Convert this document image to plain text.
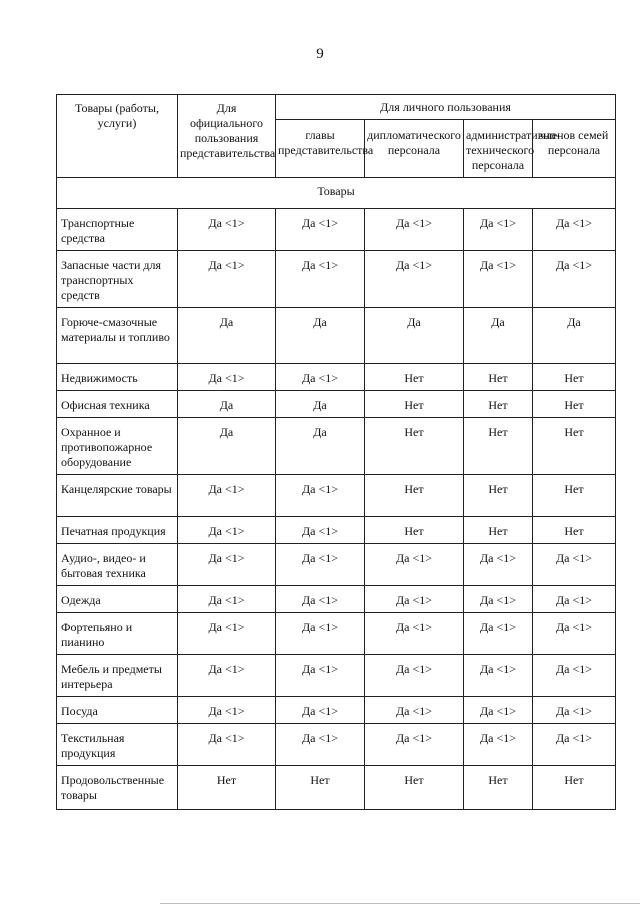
9
Товары (работы, услуги)	Для официального пользования представительства	Для личного пользования			
		главы представительства	дипломатического персонала	административно-технического персонала	членов семей персонала
Товары					
Транспортные средства	Да <1>	Да <1>	Да <1>	Да <1>	Да <1>
Запасные части для транспортных средств	Да <1>	Да <1>	Да <1>	Да <1>	Да <1>
Горюче-смазочные материалы и топливо	Да	Да	Да	Да	Да
Недвижимость	Да <1>	Да <1>	Нет	Нет	Нет
Офисная техника	Да	Да	Нет	Нет	Нет
Охранное и противопожарное оборудование	Да	Да	Нет	Нет	Нет
Канцелярские товары	Да <1>	Да <1>	Нет	Нет	Нет
Печатная продукция	Да <1>	Да <1>	Нет	Нет	Нет
Аудио-, видео- и бытовая техника	Да <1>	Да <1>	Да <1>	Да <1>	Да <1>
Одежда	Да <1>	Да <1>	Да <1>	Да <1>	Да <1>
Фортепьяно и пианино	Да <1>	Да <1>	Да <1>	Да <1>	Да <1>
Мебель и предметы интерьера	Да <1>	Да <1>	Да <1>	Да <1>	Да <1>
Посуда	Да <1>	Да <1>	Да <1>	Да <1>	Да <1>
Текстильная продукция	Да <1>	Да <1>	Да <1>	Да <1>	Да <1>
Продовольственные товары	Нет	Нет	Нет	Нет	Нет
